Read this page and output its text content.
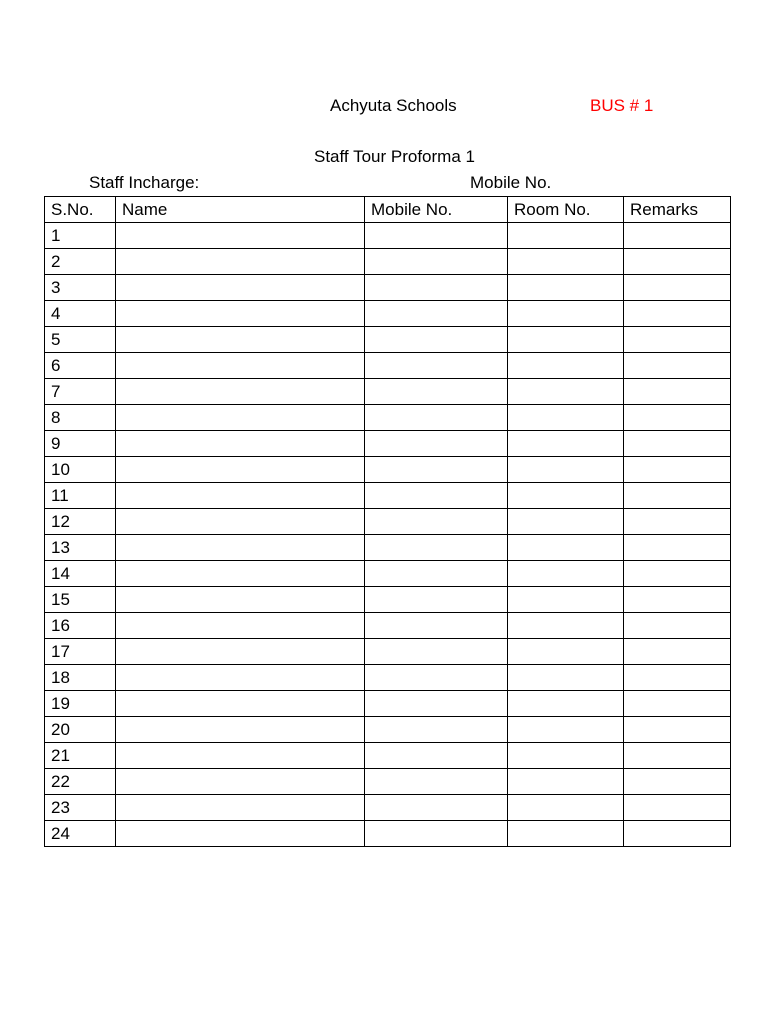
Achyuta Schools	BUS # 1
Staff Tour Proforma 1
Staff Incharge:	Mobile No.
S.No.	Name	Mobile No.	Room No.	Remarks
1				
2				
3				
4				
5				
6				
7				
8				
9				
10				
11				
12				
13				
14				
15				
16				
17				
18				
19				
20				
21				
22				
23				
24				
